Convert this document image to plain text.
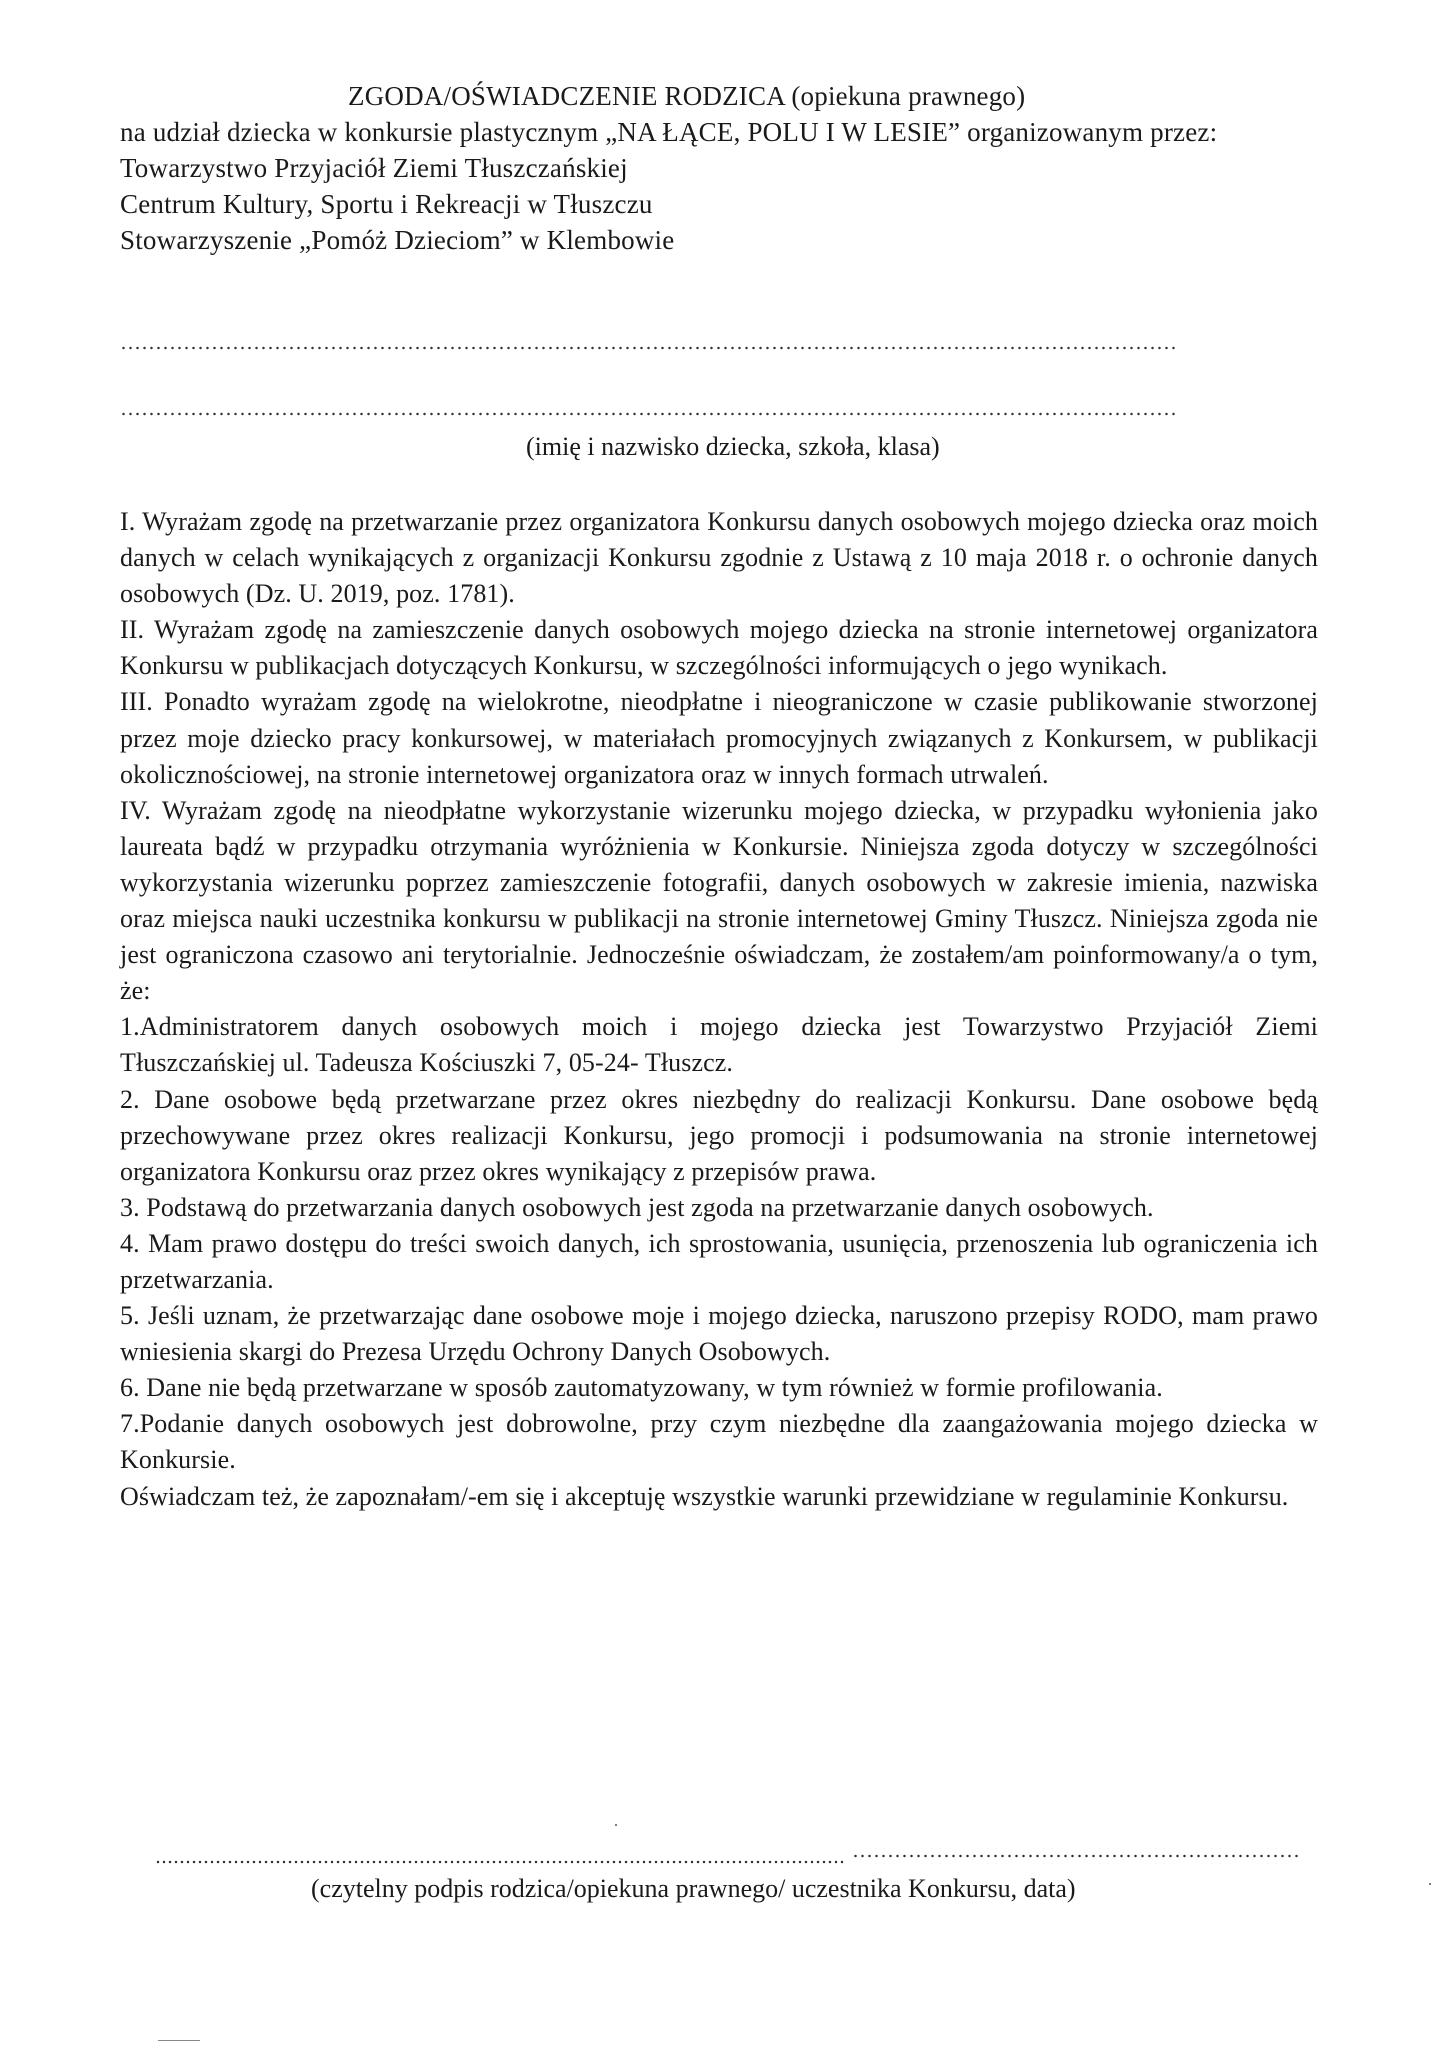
ZGODA/OŚWIADCZENIE RODZICA (opiekuna prawnego)

na udział dziecka w konkursie plastycznym „NA ŁĄCE, POLU I W LESIE” organizowanym przez:

Towarzystwo Przyjaciół Ziemi Tłuszczańskiej

Centrum Kultury, Sportu i Rekreacji w Tłuszczu

Stowarzyszenie „Pomóż Dzieciom” w Klembowie

(imię i nazwisko dziecka, szkoła, klasa)

I. Wyrażam zgodę na przetwarzanie przez organizatora Konkursu danych osobowych mojego dziecka oraz moich danych w celach wynikających z organizacji Konkursu zgodnie z Ustawą z 10 maja 2018 r. o ochronie danych osobowych (Dz. U. 2019, poz. 1781).

II. Wyrażam zgodę na zamieszczenie danych osobowych mojego dziecka na stronie internetowej organizatora Konkursu w publikacjach dotyczących Konkursu, w szczególności informujących o jego wynikach.

III. Ponadto wyrażam zgodę na wielokrotne, nieodpłatne i nieograniczone w czasie publikowanie stworzonej przez moje dziecko pracy konkursowej, w materiałach promocyjnych związanych z Konkursem, w publikacji okolicznościowej, na stronie internetowej organizatora oraz w innych formach utrwaleń.

IV. Wyrażam zgodę na nieodpłatne wykorzystanie wizerunku mojego dziecka, w przypadku wyłonienia jako laureata bądź w przypadku otrzymania wyróżnienia w Konkursie. Niniejsza zgoda dotyczy w szczególności wykorzystania wizerunku poprzez zamieszczenie fotografii, danych osobowych w zakresie imienia, nazwiska oraz miejsca nauki uczestnika konkursu w publikacji na stronie internetowej Gminy Tłuszcz. Niniejsza zgoda nie jest ograniczona czasowo ani terytorialnie. Jednocześnie oświadczam, że zostałem/am poinformowany/a o tym, że:

1.Administratorem danych osobowych moich i mojego dziecka jest Towarzystwo Przyjaciół Ziemi Tłuszczańskiej ul. Tadeusza Kościuszki 7, 05-24- Tłuszcz.

2. Dane osobowe będą przetwarzane przez okres niezbędny do realizacji Konkursu. Dane osobowe będą przechowywane przez okres realizacji Konkursu, jego promocji i podsumowania na stronie internetowej organizatora Konkursu oraz przez okres wynikający z przepisów prawa.

3. Podstawą do przetwarzania danych osobowych jest zgoda na przetwarzanie danych osobowych.

4. Mam prawo dostępu do treści swoich danych, ich sprostowania, usunięcia, przenoszenia lub ograniczenia ich przetwarzania.

5. Jeśli uznam, że przetwarzając dane osobowe moje i mojego dziecka, naruszono przepisy RODO, mam prawo wniesienia skargi do Prezesa Urzędu Ochrony Danych Osobowych.

6. Dane nie będą przetwarzane w sposób zautomatyzowany, w tym również w formie profilowania.

7.Podanie danych osobowych jest dobrowolne, przy czym niezbędne dla zaangażowania mojego dziecka w Konkursie.

Oświadczam też, że zapoznałam/-em się i akceptuję wszystkie warunki przewidziane w regulaminie Konkursu.

(czytelny podpis rodzica/opiekuna prawnego/ uczestnika Konkursu, data)
